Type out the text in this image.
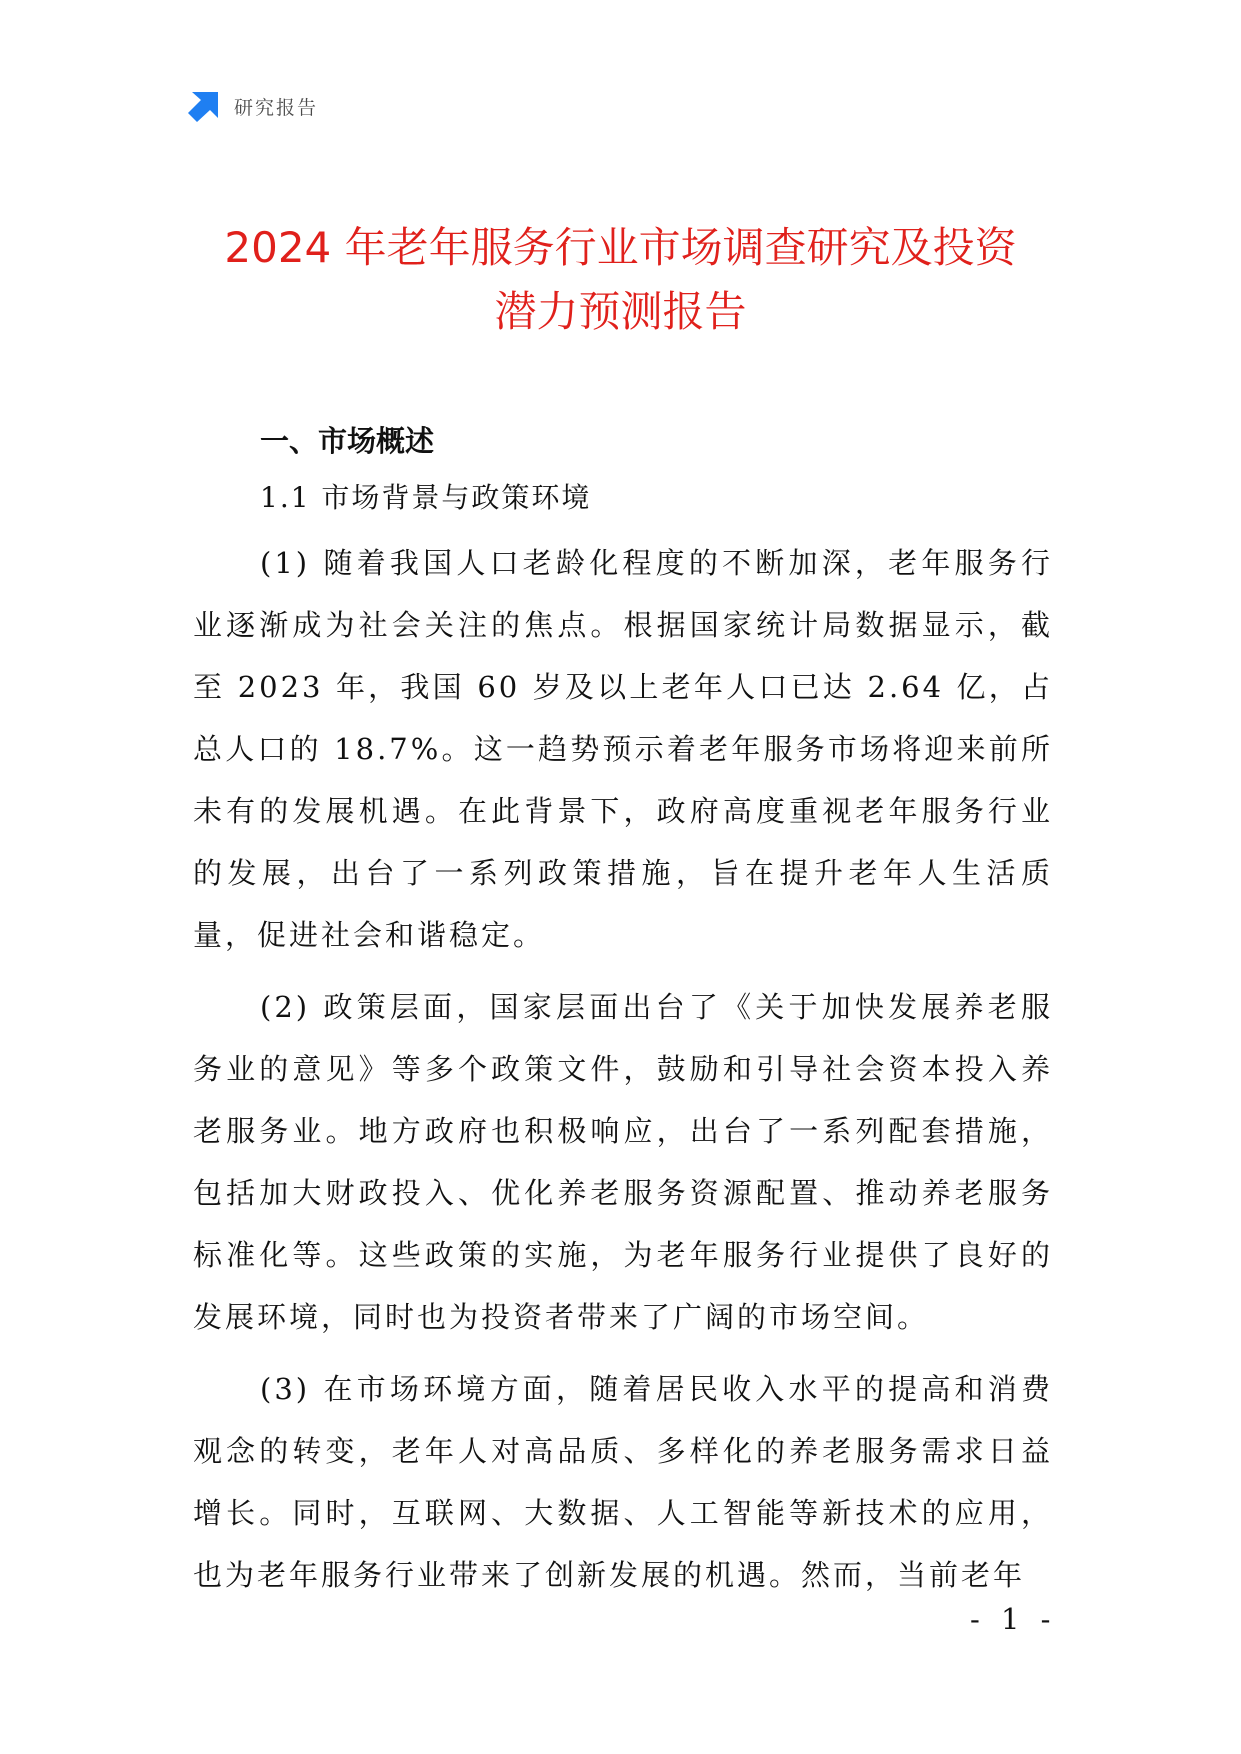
研究报告
2024 年老年服务行业市场调查研究及投资
潜力预测报告

一、市场概述

1.1 市场背景与政策环境

(1) 随着我国人口老龄化程度的不断加深，老年服务行业逐渐成为社会关注的焦点。根据国家统计局数据显示，截至 2023 年，我国 60 岁及以上老年人口已达 2.64 亿，占总人口的 18.7%。这一趋势预示着老年服务市场将迎来前所未有的发展机遇。在此背景下，政府高度重视老年服务行业的发展，出台了一系列政策措施，旨在提升老年人生活质量，促进社会和谐稳定。

(2) 政策层面，国家层面出台了《关于加快发展养老服务业的意见》等多个政策文件，鼓励和引导社会资本投入养老服务业。地方政府也积极响应，出台了一系列配套措施，包括加大财政投入、优化养老服务资源配置、推动养老服务标准化等。这些政策的实施，为老年服务行业提供了良好的发展环境，同时也为投资者带来了广阔的市场空间。

(3) 在市场环境方面，随着居民收入水平的提高和消费观念的转变，老年人对高品质、多样化的养老服务需求日益增长。同时，互联网、大数据、人工智能等新技术的应用，也为老年服务行业带来了创新发展的机遇。然而，当前老年

- 1 -
